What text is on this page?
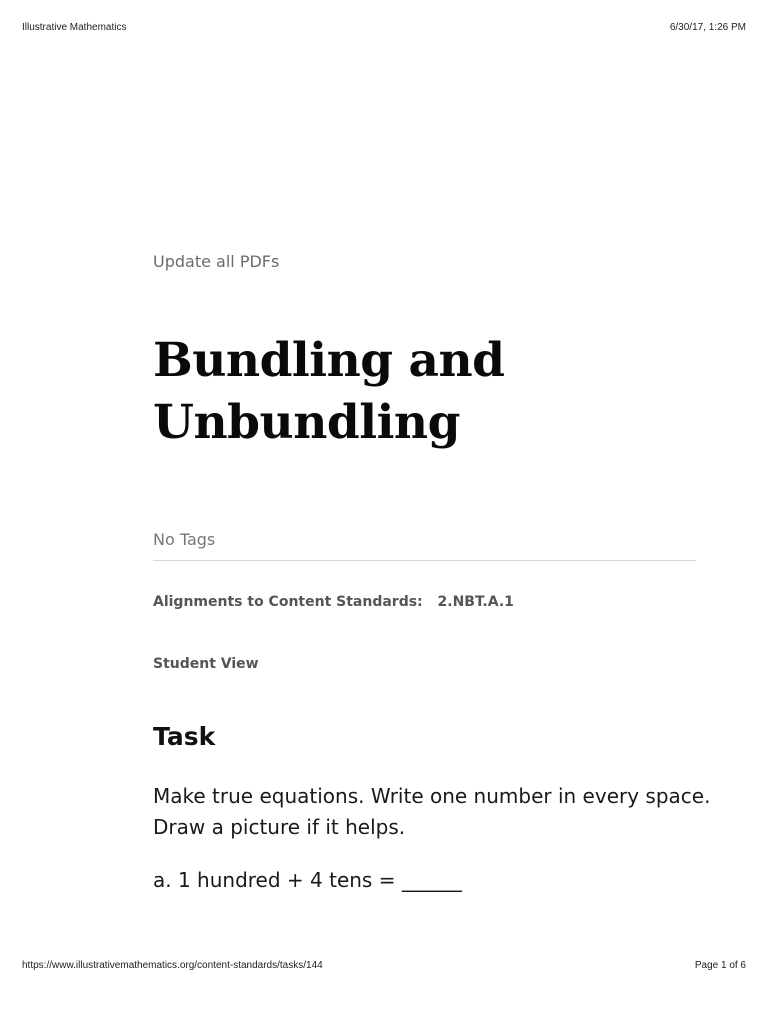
Illustrative Mathematics	6/30/17, 1:26 PM
Update all PDFs
Bundling and
Unbundling
No Tags
Alignments to Content Standards: 2.NBT.A.1
Student View
Task

Make true equations. Write one number in every space.
Draw a picture if it helps.

a. 1 hundred + 4 tens = ______

https://www.illustrativemathematics.org/content-standards/tasks/144	Page 1 of 6
